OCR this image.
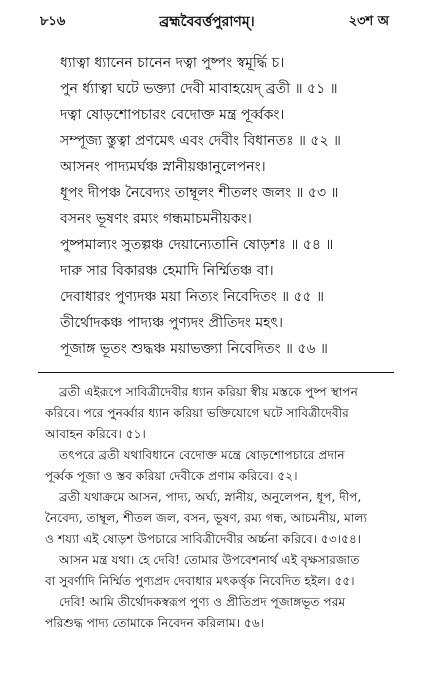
৮১৬	ব্রহ্মবৈবর্ত্তপুরাণম্।	২৩শ অ
ধ্যাত্বা ধ্যানেন চানেন দত্বা পুষ্পং স্বমূর্দ্ধি চ।
পুন র্ধ্যাত্বা ঘটে ভক্ত্যা দেবী মাবাহয়েদ্‌ ব্রতী ॥ ৫১ ॥
দত্বা ষোড়শোপচারং বেদোক্ত মন্ত্র পূর্ব্বকং।
সম্পূজ্য স্তুত্বা প্রণমেৎ এবং দেবীং বিধানতঃ ॥ ৫২ ॥
আসনং পাদ্যমর্ঘঞ্চ স্নানীয়ঞ্চানুলেপনং।
ধূপং দীপঞ্চ নৈবেদ্যং তাম্বূলং শীতলং জলং ॥ ৫৩ ॥
বসনং ভূষণং রম্যং গন্ধমাচমনীয়কং।
পুষ্পমাল্যং সুতল্পঞ্চ দেয়ান্যেতানি ষোড়শঃ ॥ ৫৪ ॥
দারু সার বিকারঞ্চ হেমাদি নির্ম্মিতঞ্চ বা।
দেবাধারং পুণ্যদঞ্চ ময়া নিত্যং নিবেদিতং ॥ ৫৫ ॥
তীর্থোদকঞ্চ পাদ্যঞ্চ পুণ্যদং প্রীতিদং মহৎ।
পূজাঙ্গ ভূতং শুদ্ধঞ্চ ময়াভক্ত্যা নিবেদিতং ॥ ৫৬ ॥
ব্রতী এইরূপে সাবিত্রীদেবীর ধ্যান করিয়া স্বীয় মস্তকে পুষ্প স্থাপন
করিবে। পরে পুনর্ব্বার ধ্যান করিয়া ভক্তিযোগে ঘটে সাবিত্রীদেবীর
আবাহন করিবে। ৫১।
তৎপরে ব্রতী যথাবিধানে বেদোক্ত মন্ত্রে ষোড়শোপচারে প্রদান
পূর্ব্বক পূজা ও স্তব করিয়া দেবীকে প্রণাম করিবে। ৫২।
ব্রতী যথাক্রমে আসন, পাদ্য, অর্ঘ্য, স্নানীয়, অনুলেপন, ধূপ, দীপ,
নৈবেদ্য, তাম্বূল, শীতল জল, বসন, ভূষণ, রম্য গন্ধ, আচমনীয়, মাল্য
ও শয্যা এই ষোড়শ উপচারে সাবিত্রীদেবীর অর্চ্চনা করিবে। ৫৩।৫৪।
আসন মন্ত্র যথা। হে দেবি! তোমার উপবেশনার্থ এই বৃক্ষসারজাত
বা সুবর্ণাদি নির্ম্মিত পুণ্যপ্রদ দেবাধার মৎকর্ত্তৃক নিবেদিত হইল। ৫৫।
দেবি! আমি তীর্থোদকস্বরূপ পুণ্য ও প্রীতিপ্রদ পূজাঙ্গভূত পরম
পরিশুদ্ধ পাদ্য তোমাকে নিবেদন করিলাম। ৫৬।
